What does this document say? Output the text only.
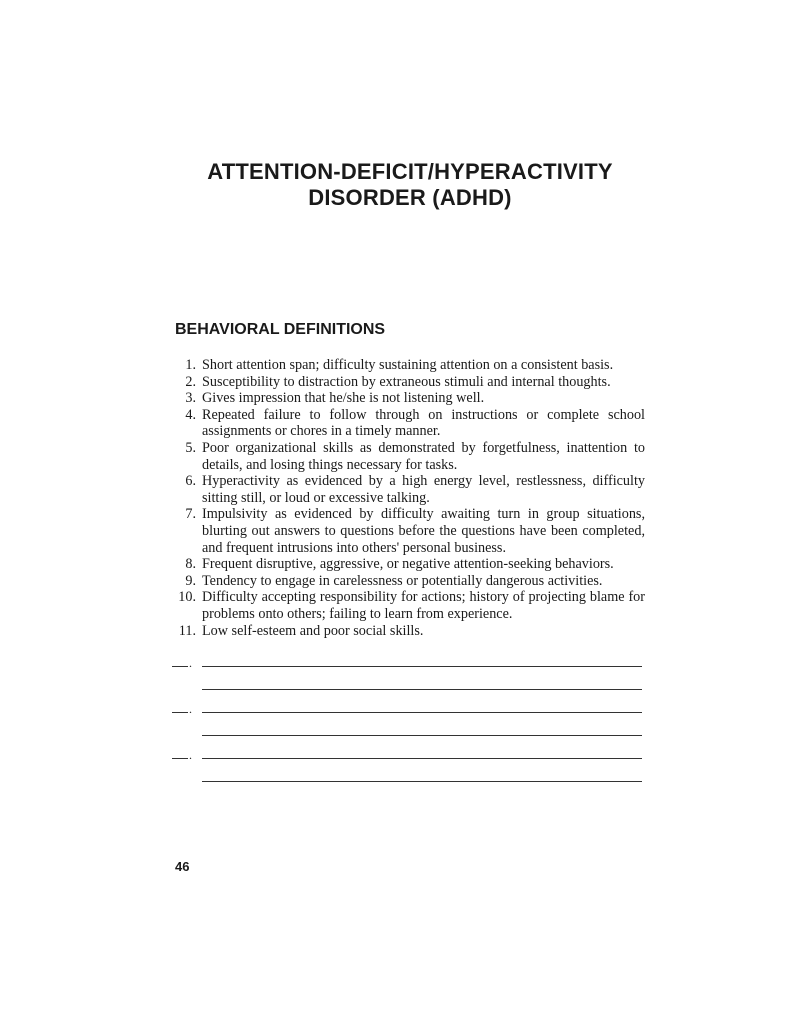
ATTENTION-DEFICIT/HYPERACTIVITY
DISORDER (ADHD)
BEHAVIORAL DEFINITIONS
1. Short attention span; difficulty sustaining attention on a consistent basis.
2. Susceptibility to distraction by extraneous stimuli and internal thoughts.
3. Gives impression that he/she is not listening well.
4. Repeated failure to follow through on instructions or complete school assignments or chores in a timely manner.
5. Poor organizational skills as demonstrated by forgetfulness, inattention to details, and losing things necessary for tasks.
6. Hyperactivity as evidenced by a high energy level, restlessness, difficulty sitting still, or loud or excessive talking.
7. Impulsivity as evidenced by difficulty awaiting turn in group situations, blurting out answers to questions before the questions have been completed, and frequent intrusions into others' personal business.
8. Frequent disruptive, aggressive, or negative attention-seeking behaviors.
9. Tendency to engage in carelessness or potentially dangerous activities.
10. Difficulty accepting responsibility for actions; history of projecting blame for problems onto others; failing to learn from experience.
11. Low self-esteem and poor social skills.
.
.
.
46
